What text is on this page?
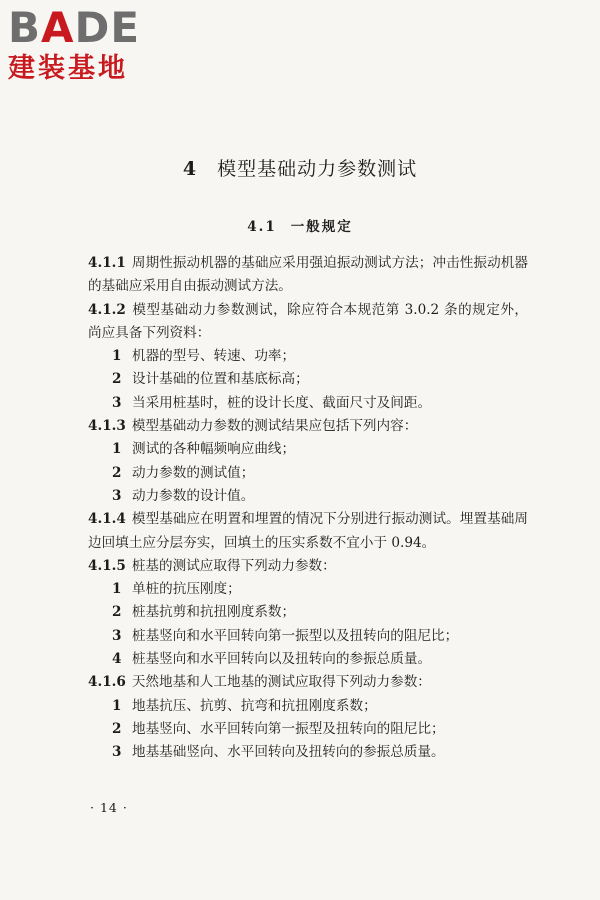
BADE
建装基地
4 模型基础动力参数测试
4.1 一般规定
4.1.1 周期性振动机器的基础应采用强迫振动测试方法；冲击性振动机器的基础应采用自由振动测试方法。
4.1.2 模型基础动力参数测试，除应符合本规范第 3.0.2 条的规定外，尚应具备下列资料：
1 机器的型号、转速、功率；
2 设计基础的位置和基底标高；
3 当采用桩基时，桩的设计长度、截面尺寸及间距。
4.1.3 模型基础动力参数的测试结果应包括下列内容：
1 测试的各种幅频响应曲线；
2 动力参数的测试值；
3 动力参数的设计值。
4.1.4 模型基础应在明置和埋置的情况下分别进行振动测试。埋置基础周边回填土应分层夯实，回填土的压实系数不宜小于 0.94。
4.1.5 桩基的测试应取得下列动力参数：
1 单桩的抗压刚度；
2 桩基抗剪和抗扭刚度系数；
3 桩基竖向和水平回转向第一振型以及扭转向的阻尼比；
4 桩基竖向和水平回转向以及扭转向的参振总质量。
4.1.6 天然地基和人工地基的测试应取得下列动力参数：
1 地基抗压、抗剪、抗弯和抗扭刚度系数；
2 地基竖向、水平回转向第一振型及扭转向的阻尼比；
3 地基基础竖向、水平回转向及扭转向的参振总质量。
· 14 ·
